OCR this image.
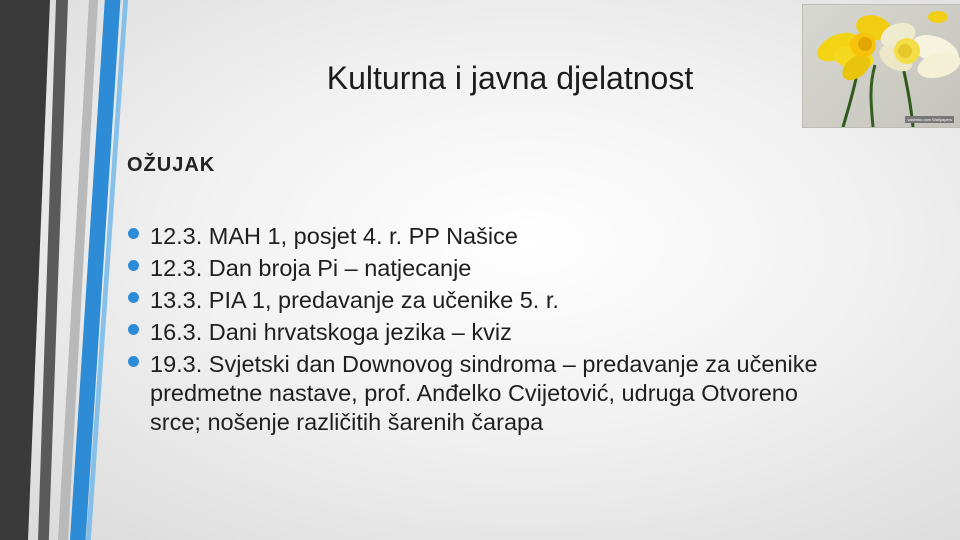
vadimko.com Wallpapers
Kulturna i javna djelatnost
OŽUJAK
12.3. MAH 1, posjet 4. r. PP Našice
12.3. Dan broja Pi – natjecanje
13.3. PIA 1, predavanje za učenike 5. r.
16.3. Dani hrvatskoga jezika – kviz
19.3. Svjetski dan Downovog sindroma – predavanje za učenike predmetne nastave, prof. Anđelko Cvijetović, udruga Otvoreno srce; nošenje različitih šarenih čarapa
